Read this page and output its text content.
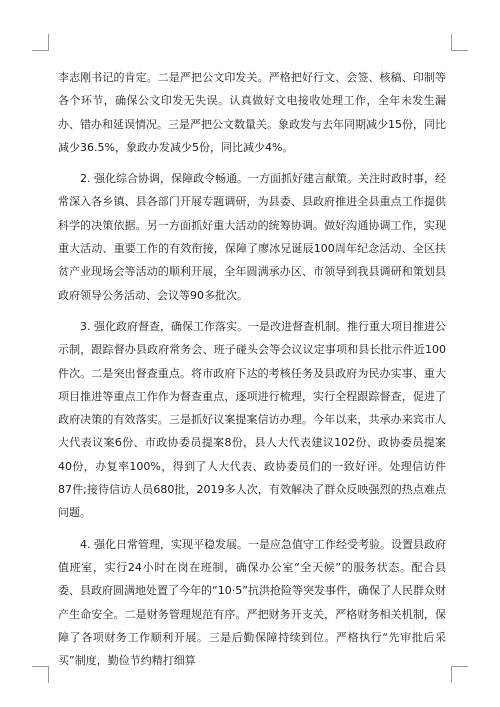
李志刚书记的肯定。二是严把公文印发关。严格把好行文、会签、核稿、印制等各个环节，确保公文印发无失误。认真做好文电接收处理工作，全年未发生漏办、错办和延误情况。三是严把公文数量关。象政发与去年同期减少15份，同比减少36.5%，象政办发减少5份，同比减少4%。

2. 强化综合协调，保障政令畅通。一方面抓好建言献策。关注时政时事，经常深入各乡镇、县各部门开展专题调研，为县委、县政府推进全县重点工作提供科学的决策依据。另一方面抓好重大活动的统筹协调。做好沟通协调工作，实现重大活动、重要工作的有效衔接，保障了廖冰兄诞辰100周年纪念活动、全区扶贫产业现场会等活动的顺利开展，全年圆满承办区、市领导到我县调研和策划县政府领导公务活动、会议等90多批次。

3. 强化政府督查，确保工作落实。一是改进督查机制。推行重大项目推进公示制，跟踪督办县政府常务会、班子碰头会等会议议定事项和县长批示件近100件次。二是突出督查重点。将市政府下达的考核任务及县政府为民办实事、重大项目推进等重点工作作为督查重点，逐项进行梳理，实行全程跟踪督查，促进了政府决策的有效落实。三是抓好议案提案信访办理。今年以来，共承办来宾市人大代表议案6份、市政协委员提案8份，县人大代表建议102份、政协委员提案40份，办复率100%，得到了人大代表、政协委员们的一致好评。处理信访件87件;接待信访人员680批，2019多人次，有效解决了群众反映强烈的热点难点问题。

4. 强化日常管理，实现平稳发展。一是应急值守工作经受考验。设置县政府值班室，实行24小时在岗在班制，确保办公室“全天候”的服务状态。配合县委、县政府圆满地处置了今年的“10·5”抗洪抢险等突发事件，确保了人民群众财产生命安全。二是财务管理规范有序。严把财务开支关，严格财务相关机制，保障了各项财务工作顺利开展。三是后勤保障持续到位。严格执行“先审批后采买”制度，勤俭节约精打细算
